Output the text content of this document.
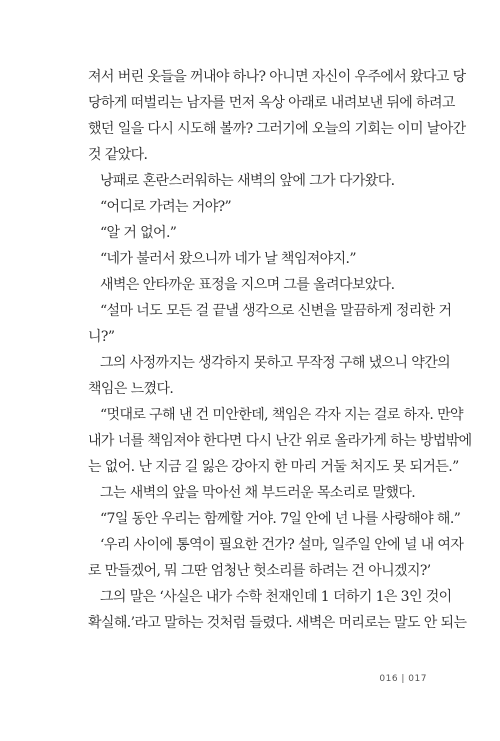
져서 버린 옷들을 꺼내야 하나? 아니면 자신이 우주에서 왔다고 당
당하게 떠벌리는 남자를 먼저 옥상 아래로 내려보낸 뒤에 하려고
했던 일을 다시 시도해 볼까? 그러기에 오늘의 기회는 이미 날아간
것 같았다.
낭패로 혼란스러워하는 새벽의 앞에 그가 다가왔다.
“어디로 가려는 거야?”
“알 거 없어.”
“네가 불러서 왔으니까 네가 날 책임져야지.”
새벽은 안타까운 표정을 지으며 그를 올려다보았다.
“설마 너도 모든 걸 끝낼 생각으로 신변을 말끔하게 정리한 거
니?”
그의 사정까지는 생각하지 못하고 무작정 구해 냈으니 약간의
책임은 느꼈다.
“멋대로 구해 낸 건 미안한데, 책임은 각자 지는 걸로 하자. 만약
내가 너를 책임져야 한다면 다시 난간 위로 올라가게 하는 방법밖에
는 없어. 난 지금 길 잃은 강아지 한 마리 거둘 처지도 못 되거든.”
그는 새벽의 앞을 막아선 채 부드러운 목소리로 말했다.
“7일 동안 우리는 함께할 거야. 7일 안에 넌 나를 사랑해야 해.”
‘우리 사이에 통역이 필요한 건가? 설마, 일주일 안에 널 내 여자
로 만들겠어, 뭐 그딴 엄청난 헛소리를 하려는 건 아니겠지?’
그의 말은 ‘사실은 내가 수학 천재인데 1 더하기 1은 3인 것이
확실해.’라고 말하는 것처럼 들렸다. 새벽은 머리로는 말도 안 되는
016 | 017
